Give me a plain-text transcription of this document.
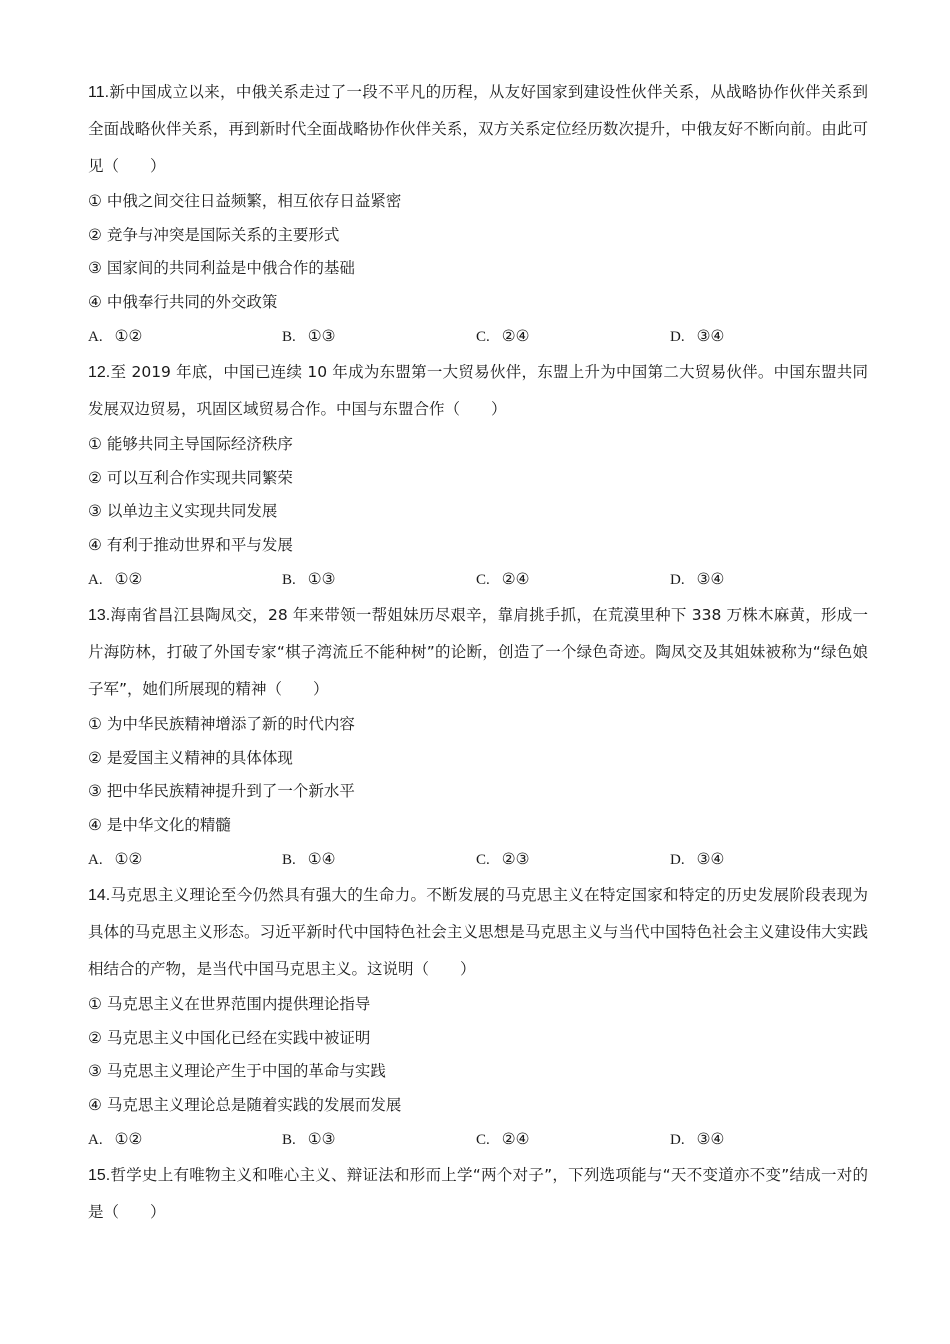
11.新中国成立以来，中俄关系走过了一段不平凡的历程，从友好国家到建设性伙伴关系，从战略协作伙伴关系到全面战略伙伴关系，再到新时代全面战略协作伙伴关系，双方关系定位经历数次提升，中俄友好不断向前。由此可见（　　）

① 中俄之间交往日益频繁，相互依存日益紧密

② 竞争与冲突是国际关系的主要形式

③ 国家间的共同利益是中俄合作的基础

④ 中俄奉行共同的外交政策

A. ①②	B. ①③	C. ②④	D. ③④

12.至 2019 年底，中国已连续 10 年成为东盟第一大贸易伙伴，东盟上升为中国第二大贸易伙伴。中国东盟共同发展双边贸易，巩固区域贸易合作。中国与东盟合作（　　）

① 能够共同主导国际经济秩序

② 可以互利合作实现共同繁荣

③ 以单边主义实现共同发展

④ 有利于推动世界和平与发展

A. ①②	B. ①③	C. ②④	D. ③④

13.海南省昌江县陶凤交，28 年来带领一帮姐妹历尽艰辛，靠肩挑手抓，在荒漠里种下 338 万株木麻黄，形成一片海防林，打破了外国专家“棋子湾流丘不能种树”的论断，创造了一个绿色奇迹。陶凤交及其姐妹被称为“绿色娘子军”，她们所展现的精神（　　）

① 为中华民族精神增添了新的时代内容

② 是爱国主义精神的具体体现

③ 把中华民族精神提升到了一个新水平

④ 是中华文化的精髓

A. ①②	B. ①④	C. ②③	D. ③④

14.马克思主义理论至今仍然具有强大的生命力。不断发展的马克思主义在特定国家和特定的历史发展阶段表现为具体的马克思主义形态。习近平新时代中国特色社会主义思想是马克思主义与当代中国特色社会主义建设伟大实践相结合的产物，是当代中国马克思主义。这说明（　　）

① 马克思主义在世界范围内提供理论指导

② 马克思主义中国化已经在实践中被证明

③ 马克思主义理论产生于中国的革命与实践

④ 马克思主义理论总是随着实践的发展而发展

A. ①②	B. ①③	C. ②④	D. ③④

15.哲学史上有唯物主义和唯心主义、辩证法和形而上学“两个对子”，下列选项能与“天不变道亦不变”结成一对的是（　　）
